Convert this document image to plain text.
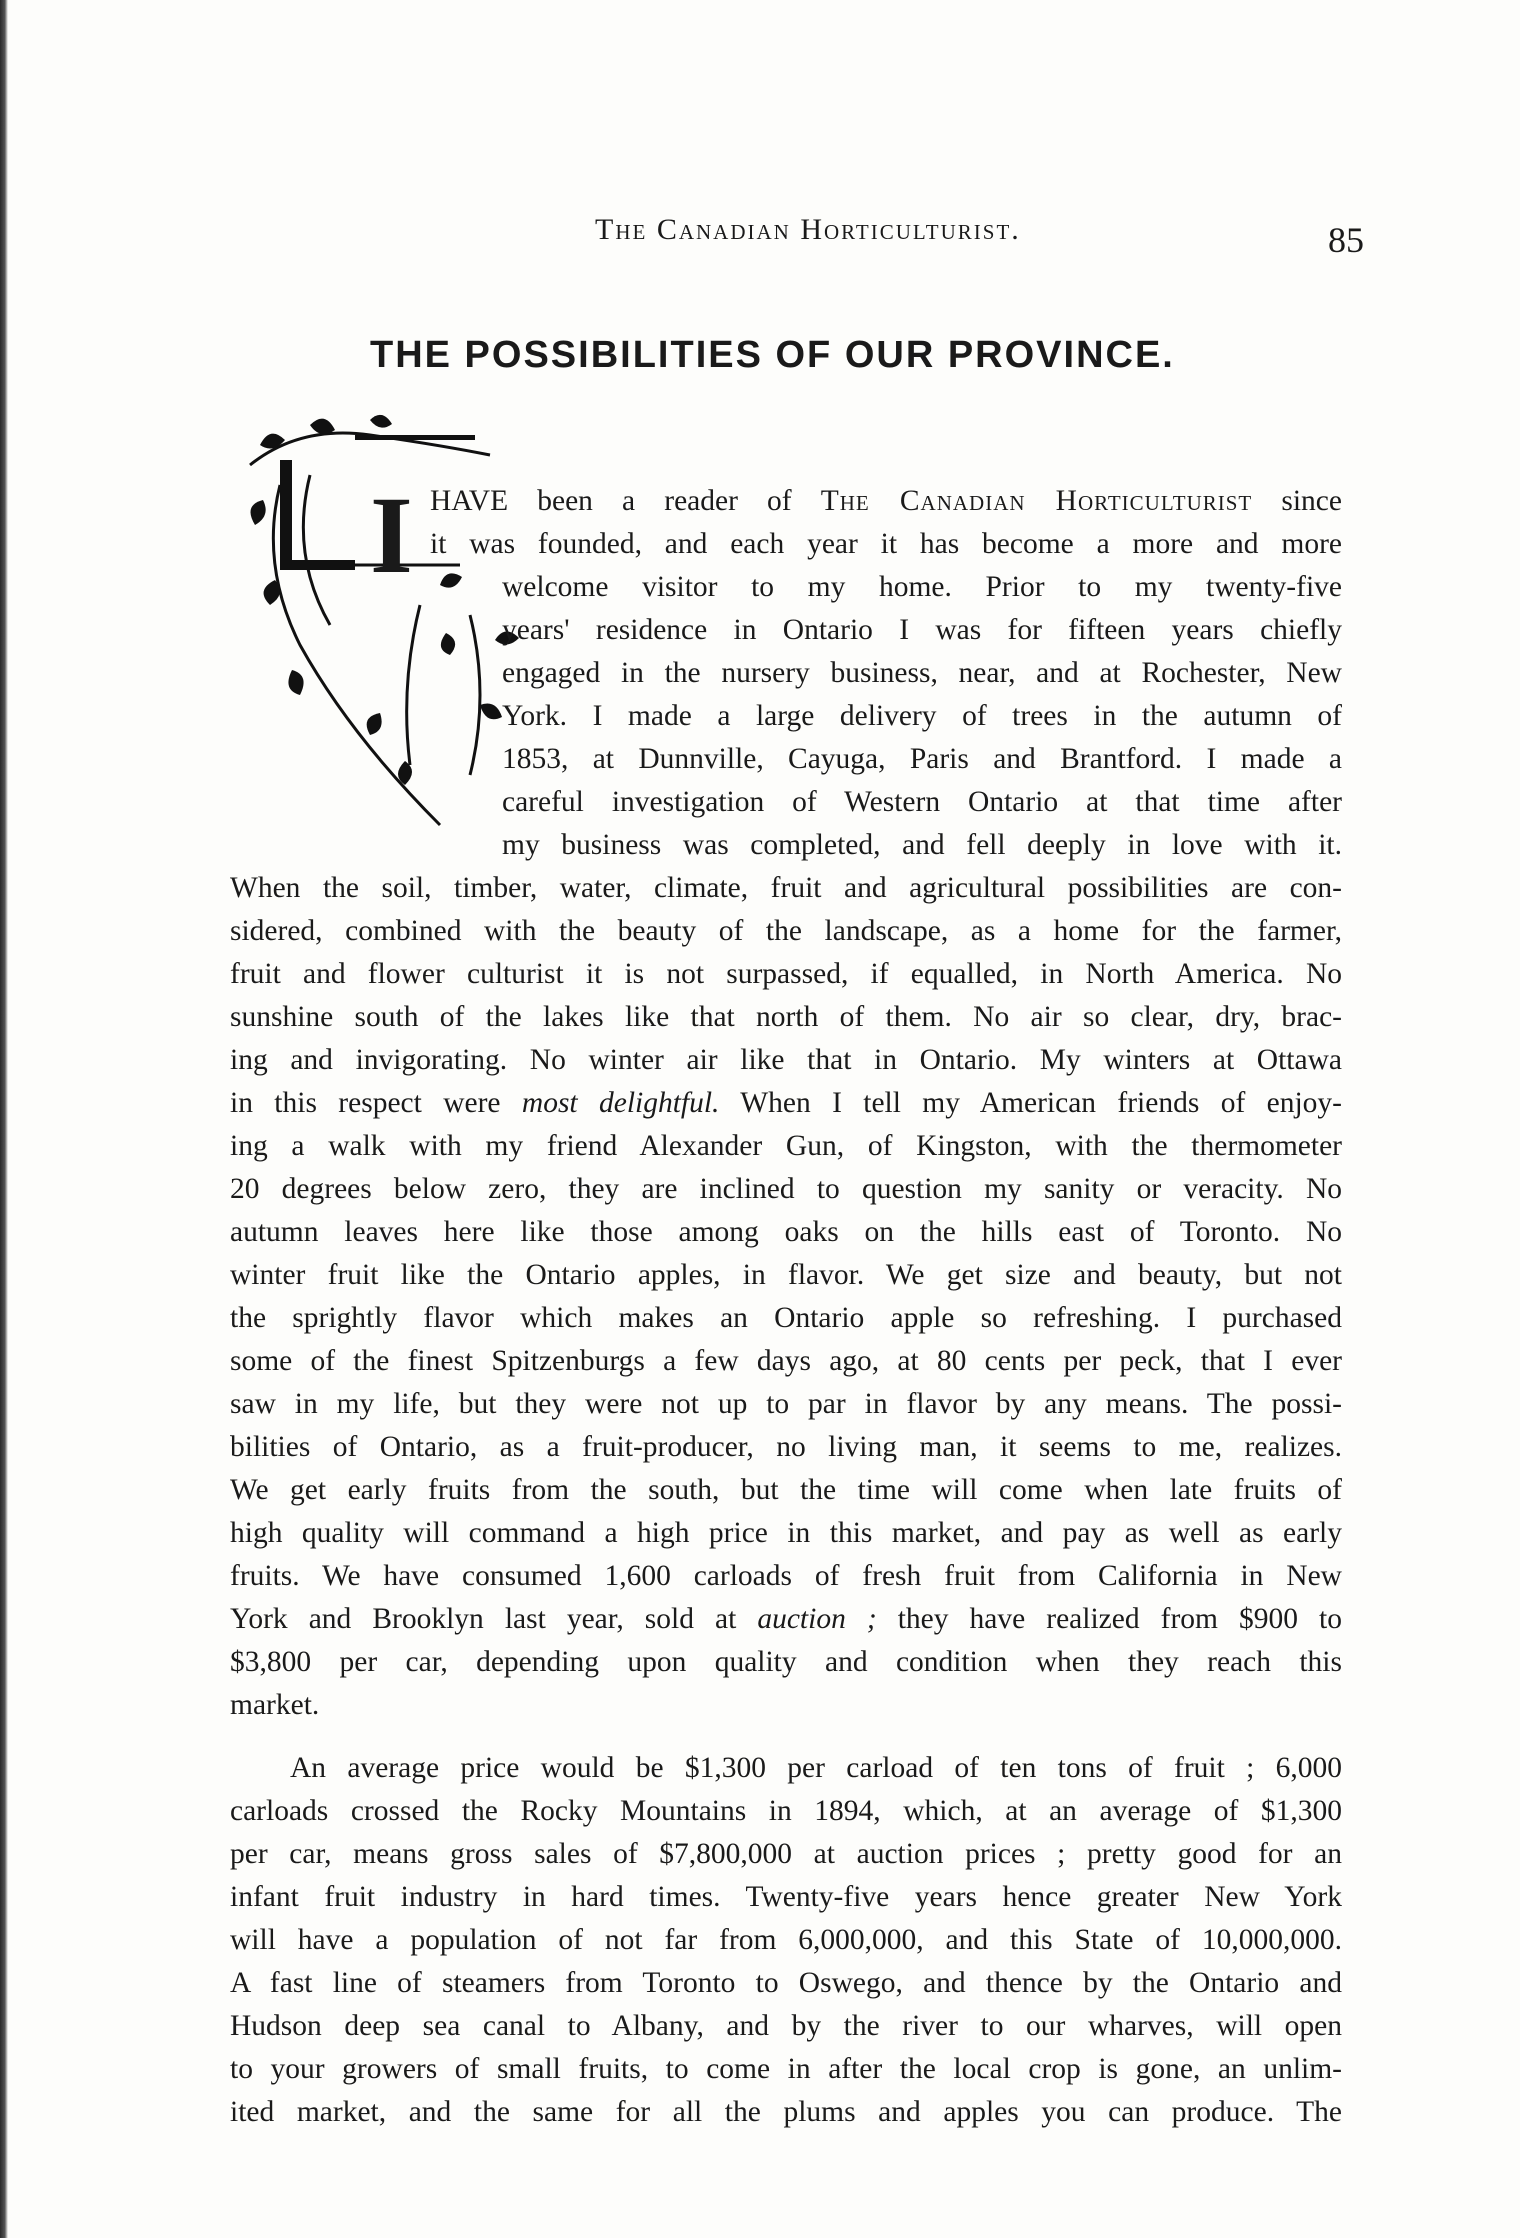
The Canadian Horticulturist.	85
THE POSSIBILITIES OF OUR PROVINCE.
I HAVE been a reader of The Canadian Horticulturist since
it was founded, and each year it has become a more and more
welcome visitor to my home. Prior to my twenty-five
years' residence in Ontario I was for fifteen years chiefly
engaged in the nursery business, near, and at Rochester, New
York. I made a large delivery of trees in the autumn of
1853, at Dunnville, Cayuga, Paris and Brantford. I made a
careful investigation of Western Ontario at that time after
my business was completed, and fell deeply in love with it.
When the soil, timber, water, climate, fruit and agricultural possibilities are con-
sidered, combined with the beauty of the landscape, as a home for the farmer,
fruit and flower culturist it is not surpassed, if equalled, in North America. No
sunshine south of the lakes like that north of them. No air so clear, dry, brac-
ing and invigorating. No winter air like that in Ontario. My winters at Ottawa
in this respect were most delightful. When I tell my American friends of enjoy-
ing a walk with my friend Alexander Gun, of Kingston, with the thermometer
20 degrees below zero, they are inclined to question my sanity or veracity. No
autumn leaves here like those among oaks on the hills east of Toronto. No
winter fruit like the Ontario apples, in flavor. We get size and beauty, but not
the sprightly flavor which makes an Ontario apple so refreshing. I purchased
some of the finest Spitzenburgs a few days ago, at 80 cents per peck, that I ever
saw in my life, but they were not up to par in flavor by any means. The possi-
bilities of Ontario, as a fruit-producer, no living man, it seems to me, realizes.
We get early fruits from the south, but the time will come when late fruits of
high quality will command a high price in this market, and pay as well as early
fruits. We have consumed 1,600 carloads of fresh fruit from California in New
York and Brooklyn last year, sold at auction ; they have realized from $900 to
$3,800 per car, depending upon quality and condition when they reach this
market.
An average price would be $1,300 per carload of ten tons of fruit ; 6,000
carloads crossed the Rocky Mountains in 1894, which, at an average of $1,300
per car, means gross sales of $7,800,000 at auction prices ; pretty good for an
infant fruit industry in hard times. Twenty-five years hence greater New York
will have a population of not far from 6,000,000, and this State of 10,000,000.
A fast line of steamers from Toronto to Oswego, and thence by the Ontario and
Hudson deep sea canal to Albany, and by the river to our wharves, will open
to your growers of small fruits, to come in after the local crop is gone, an unlim-
ited market, and the same for all the plums and apples you can produce. The
